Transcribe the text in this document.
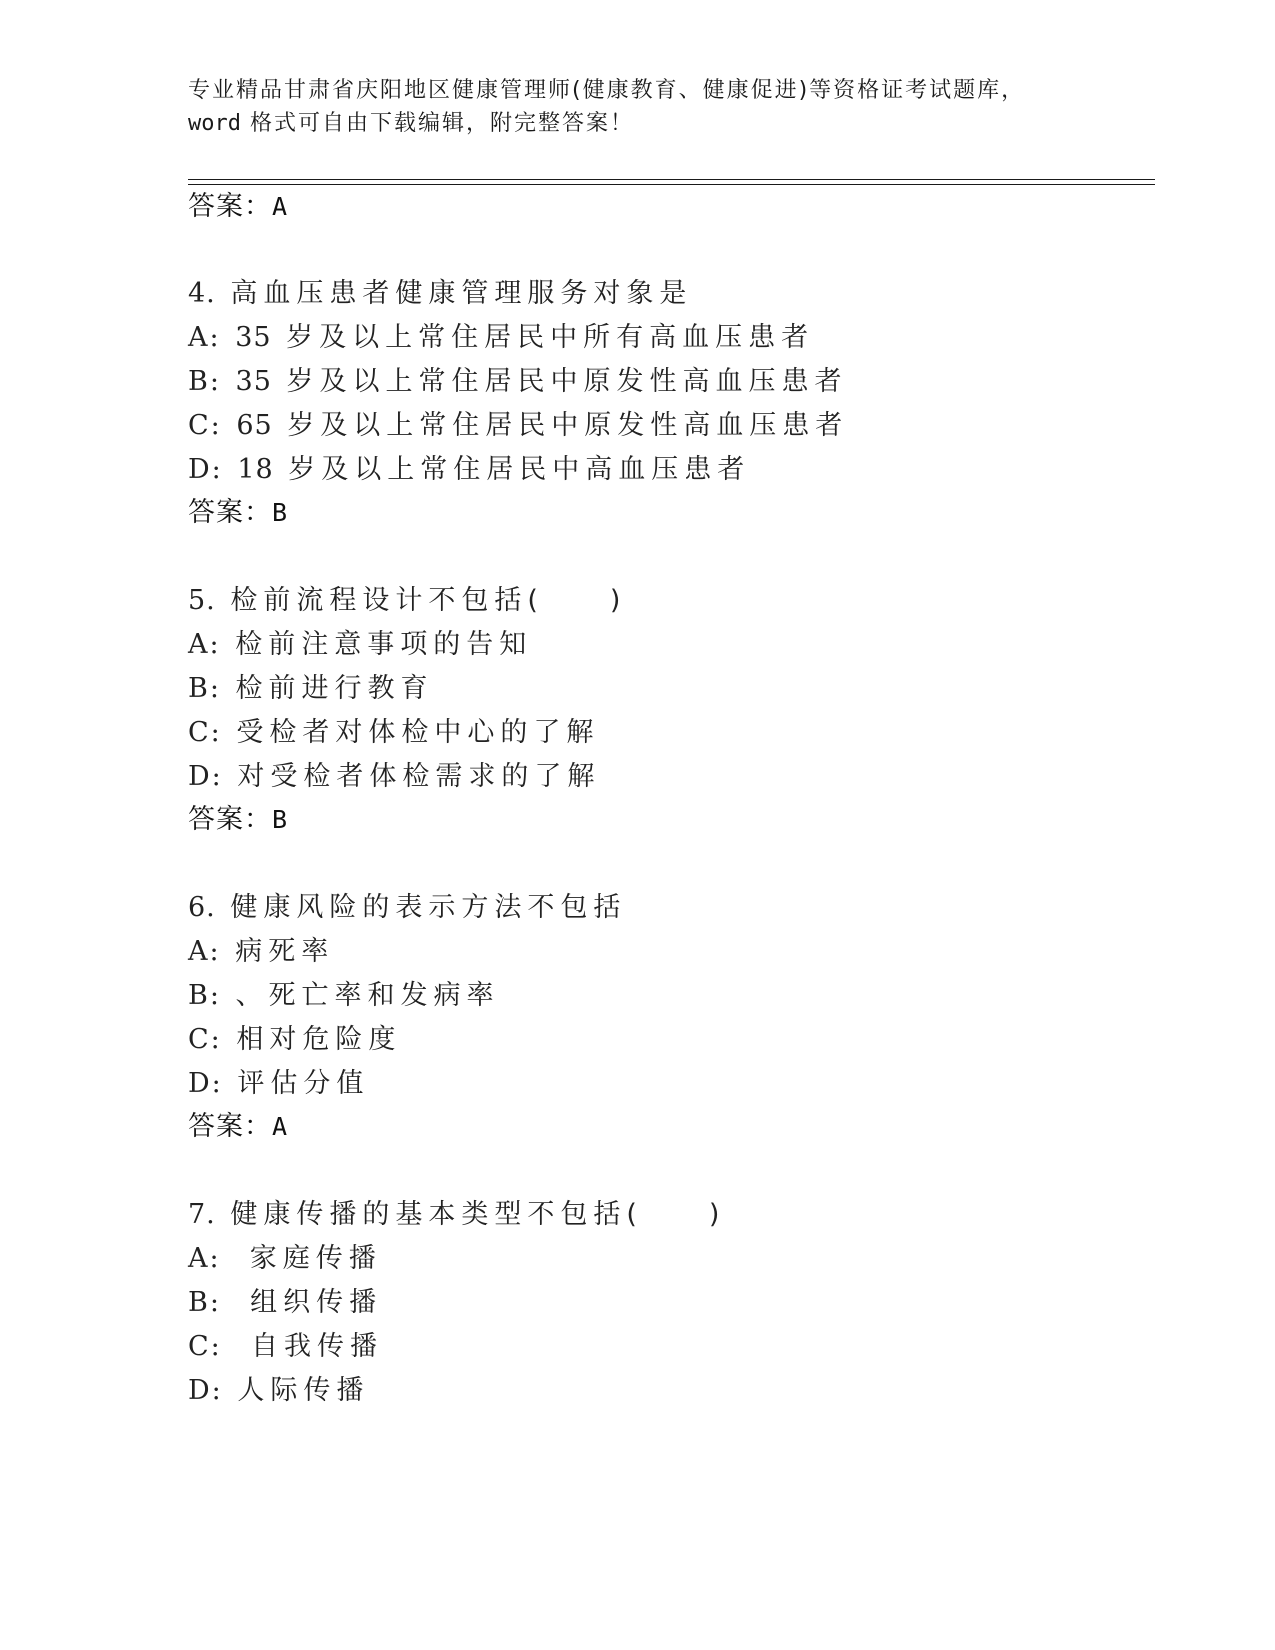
专业精品甘肃省庆阳地区健康管理师(健康教育、健康促进)等资格证考试题库，
word 格式可自由下载编辑，附完整答案！
答案：A
4. 高血压患者健康管理服务对象是
A: 35 岁及以上常住居民中所有高血压患者
B: 35 岁及以上常住居民中原发性高血压患者
C: 65 岁及以上常住居民中原发性高血压患者
D: 18 岁及以上常住居民中高血压患者
答案：B
5. 检前流程设计不包括(　　)
A: 检前注意事项的告知
B: 检前进行教育
C: 受检者对体检中心的了解
D: 对受检者体检需求的了解
答案：B
6. 健康风险的表示方法不包括
A: 病死率
B: 、死亡率和发病率
C: 相对危险度
D: 评估分值
答案：A
7. 健康传播的基本类型不包括(　　)
A:  家庭传播
B:  组织传播
C:  自我传播
D: 人际传播
